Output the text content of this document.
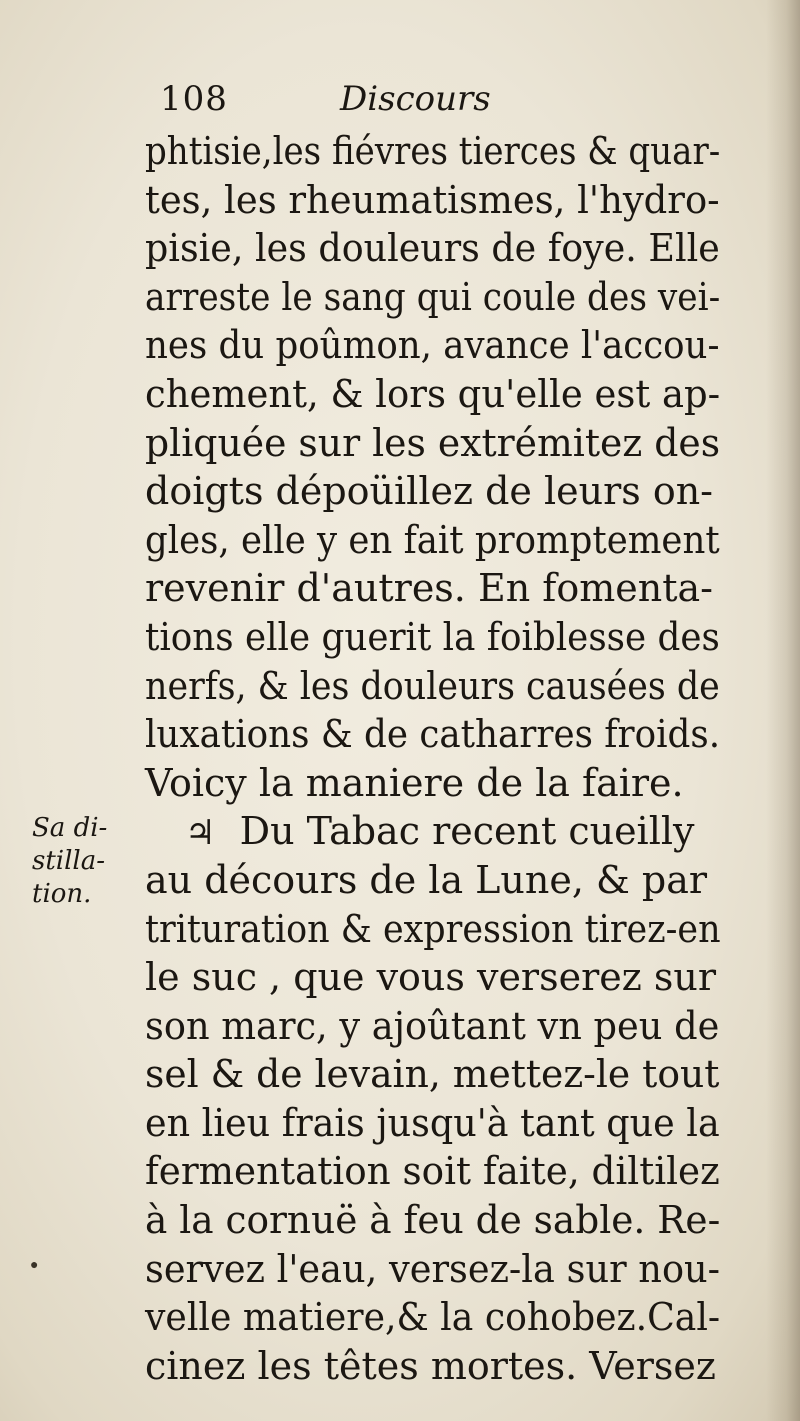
108	Discours
phtisie,les fiévres tierces & quar-
tes, les rheumatismes, l'hydro-
pisie, les douleurs de foye. Elle
arreste le sang qui coule des vei-
nes du poûmon, avance l'accou-
chement, & lors qu'elle est ap-
pliquée sur les extrémitez des
doigts dépoüillez de leurs on-
gles, elle y en fait promptement
revenir d'autres. En fomenta-
tions elle guerit la foiblesse des
nerfs, & les douleurs causées de
luxations & de catharres froids.
Voicy la maniere de la faire.
♃ Du Tabac recent cueilly
au décours de la Lune, & par
trituration & expression tirez-en
le suc , que vous verserez sur
son marc, y ajoûtant vn peu de
sel & de levain, mettez-le tout
en lieu frais jusqu'à tant que la
fermentation soit faite, diltilez
à la cornuë à feu de sable. Re-
servez l'eau, versez-la sur nou-
velle matiere,& la cohobez.Cal-
cinez les têtes mortes. Versez
Sa di-
stilla-
tion.
●
